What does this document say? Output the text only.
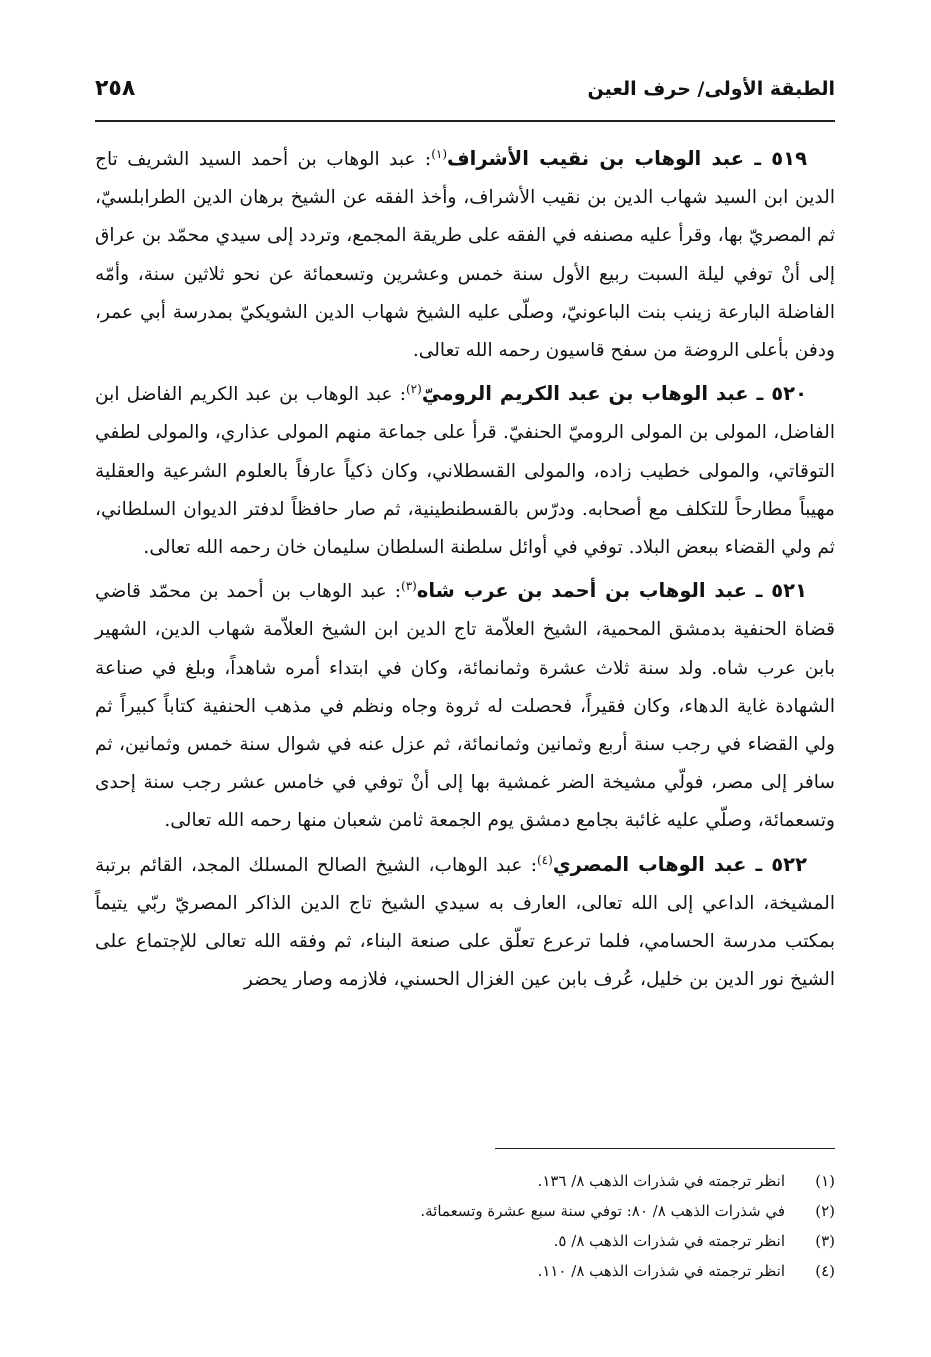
الطبقة الأولى/ حرف العين
٢٥٨

٥١٩ ـ عبد الوهاب بن نقيب الأشراف$^{(١)}$: عبد الوهاب بن أحمد السيد الشريف تاج الدين ابن السيد شهاب الدين بن نقيب الأشراف، وأخذ الفقه عن الشيخ برهان الدين الطرابلسيّ، ثم المصريّ بها، وقرأ عليه مصنفه في الفقه على طريقة المجمع، وتردد إلى سيدي محمّد بن عراق إلى أنْ توفي ليلة السبت ربيع الأول سنة خمس وعشرين وتسعمائة عن نحو ثلاثين سنة، وأمّه الفاضلة البارعة زينب بنت الباعونيّ، وصلّى عليه الشيخ شهاب الدين الشويكيّ بمدرسة أبي عمر، ودفن بأعلى الروضة من سفح قاسيون رحمه الله تعالى.

٥٢٠ ـ عبد الوهاب بن عبد الكريم الروميّ$^{(٢)}$: عبد الوهاب بن عبد الكريم الفاضل ابن الفاضل، المولى بن المولى الروميّ الحنفيّ. قرأ على جماعة منهم المولى عذاري، والمولى لطفي التوقاتي، والمولى خطيب زاده، والمولى القسطلاني، وكان ذكياً عارفاً بالعلوم الشرعية والعقلية مهيباً مطارحاً للتكلف مع أصحابه. ودرّس بالقسطنطينية، ثم صار حافظاً لدفتر الديوان السلطاني، ثم ولي القضاء ببعض البلاد. توفي في أوائل سلطنة السلطان سليمان خان رحمه الله تعالى.

٥٢١ ـ عبد الوهاب بن أحمد بن عرب شاه$^{(٣)}$: عبد الوهاب بن أحمد بن محمّد قاضي قضاة الحنفية بدمشق المحمية، الشيخ العلاّمة تاج الدين ابن الشيخ العلاّمة شهاب الدين، الشهير بابن عرب شاه. ولد سنة ثلاث عشرة وثمانمائة، وكان في ابتداء أمره شاهداً، وبلغ في صناعة الشهادة غاية الدهاء، وكان فقيراً، فحصلت له ثروة وجاه ونظم في مذهب الحنفية كتاباً كبيراً ثم ولي القضاء في رجب سنة أربع وثمانين وثمانمائة، ثم عزل عنه في شوال سنة خمس وثمانين، ثم سافر إلى مصر، فولّي مشيخة الضر غمشية بها إلى أنْ توفي في خامس عشر رجب سنة إحدى وتسعمائة، وصلّي عليه غائبة بجامع دمشق يوم الجمعة ثامن شعبان منها رحمه الله تعالى.

٥٢٢ ـ عبد الوهاب المصري$^{(٤)}$: عبد الوهاب، الشيخ الصالح المسلك المجد، القائم برتبة المشيخة، الداعي إلى الله تعالى، العارف به سيدي الشيخ تاج الدين الذاكر المصريّ ربّي يتيماً بمكتب مدرسة الحسامي، فلما ترعرع تعلّق على صنعة البناء، ثم وفقه الله تعالى للإجتماع على الشيخ نور الدين بن خليل، عُرف بابن عين الغزال الحسني، فلازمه وصار يحضر

(١)
انظر ترجمته في شذرات الذهب ٨/ ١٣٦.
(٢)
في شذرات الذهب ٨/ ٨٠: توفي سنة سبع عشرة وتسعمائة.
(٣)
انظر ترجمته في شذرات الذهب ٨/ ٥.
(٤)
انظر ترجمته في شذرات الذهب ٨/ ١١٠.
